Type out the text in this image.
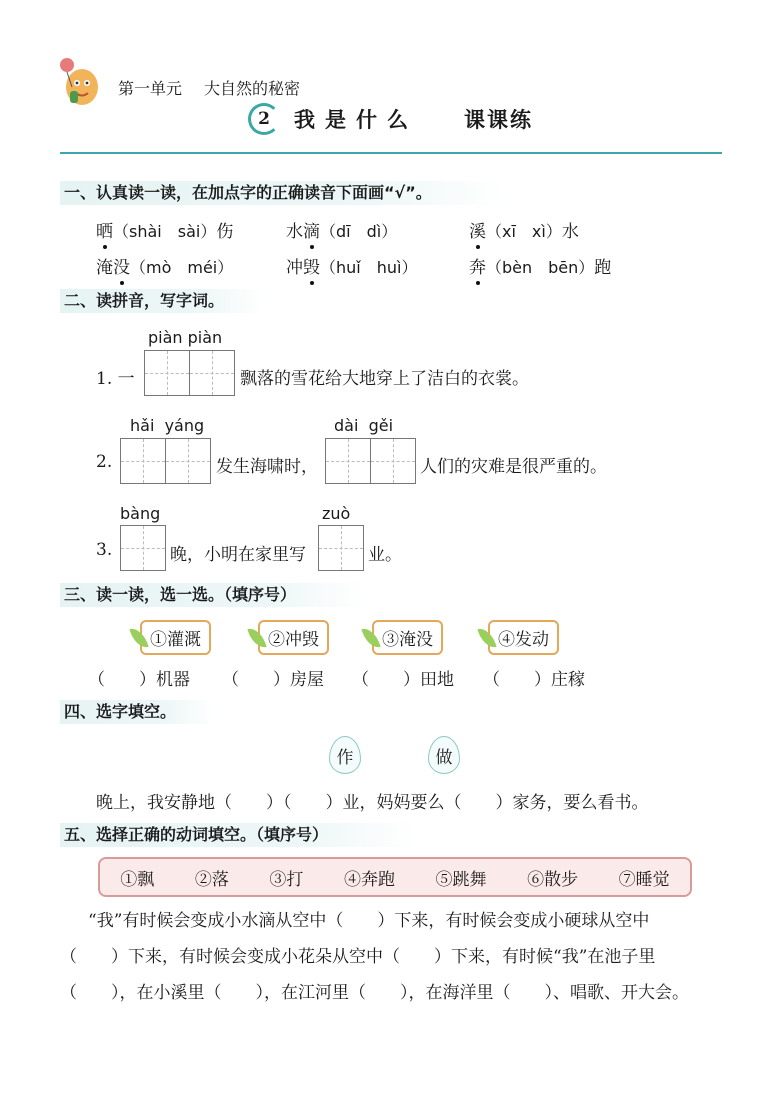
第一单元 大自然的秘密
2	我是什么 课课练
一、认真读一读，在加点字的正确读音下面画“√”。
晒（shài　sài）伤	水滴（dī　dì）	溪（xī　xì）水
淹没（mò　méi）	冲毁（huǐ　huì）	奔（bèn　bēn）跑
二、读拼音，写字词。
piàn piàn
1. 一	飘落的雪花给大地穿上了洁白的衣裳。
hǎi yáng
2.	发生海啸时，
dài gěi
人们的灾难是很严重的。
bàng
3.	晚，小明在家里写
zuò
业。
三、读一读，选一选。（填序号）
①灌溉	②冲毁	③淹没	④发动
（　　）机器 （　　）房屋 （　　）田地 （　　）庄稼
四、选字填空。
作	做
晚上，我安静地（　　）（　　）业，妈妈要么（　　）家务，要么看书。
五、选择正确的动词填空。（填序号）
①飘 ②落 ③打 ④奔跑 ⑤跳舞 ⑥散步 ⑦睡觉
“我”有时候会变成小水滴从空中（　　）下来，有时候会变成小硬球从空中
（　　）下来，有时候会变成小花朵从空中（　　）下来，有时候“我”在池子里
（　　），在小溪里（　　），在江河里（　　），在海洋里（　　）、唱歌、开大会。
